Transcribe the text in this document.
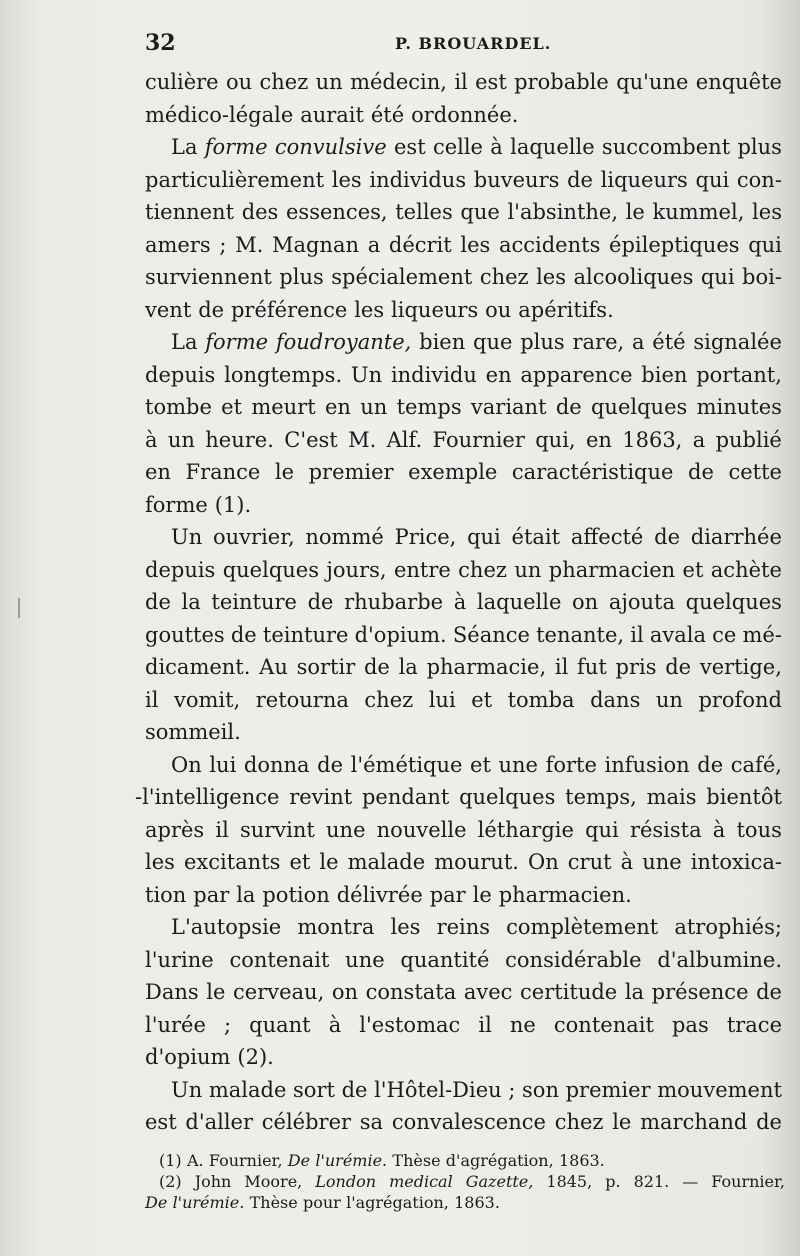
32	P. BROUARDEL.
culière ou chez un médecin, il est probable qu'une enquête
médico-légale aurait été ordonnée.
La forme convulsive est celle à laquelle succombent plus
particulièrement les individus buveurs de liqueurs qui con-
tiennent des essences, telles que l'absinthe, le kummel, les
amers ; M. Magnan a décrit les accidents épileptiques qui
surviennent plus spécialement chez les alcooliques qui boi-
vent de préférence les liqueurs ou apéritifs.
La forme foudroyante, bien que plus rare, a été signalée
depuis longtemps. Un individu en apparence bien portant,
tombe et meurt en un temps variant de quelques minutes
à un heure. C'est M. Alf. Fournier qui, en 1863, a publié
en France le premier exemple caractéristique de cette
forme (1).
Un ouvrier, nommé Price, qui était affecté de diarrhée
depuis quelques jours, entre chez un pharmacien et achète
de la teinture de rhubarbe à laquelle on ajouta quelques
gouttes de teinture d'opium. Séance tenante, il avala ce mé-
dicament. Au sortir de la pharmacie, il fut pris de vertige,
il vomit, retourna chez lui et tomba dans un profond
sommeil.
On lui donna de l'émétique et une forte infusion de café,
-l'intelligence revint pendant quelques temps, mais bientôt
après il survint une nouvelle léthargie qui résista à tous
les excitants et le malade mourut. On crut à une intoxica-
tion par la potion délivrée par le pharmacien.
L'autopsie montra les reins complètement atrophiés;
l'urine contenait une quantité considérable d'albumine.
Dans le cerveau, on constata avec certitude la présence de
l'urée ; quant à l'estomac il ne contenait pas trace
d'opium (2).
Un malade sort de l'Hôtel-Dieu ; son premier mouvement
est d'aller célébrer sa convalescence chez le marchand de
(1) A. Fournier, De l'urémie. Thèse d'agrégation, 1863.
(2) John Moore, London medical Gazette, 1845, p. 821. — Fournier,
De l'urémie. Thèse pour l'agrégation, 1863.
